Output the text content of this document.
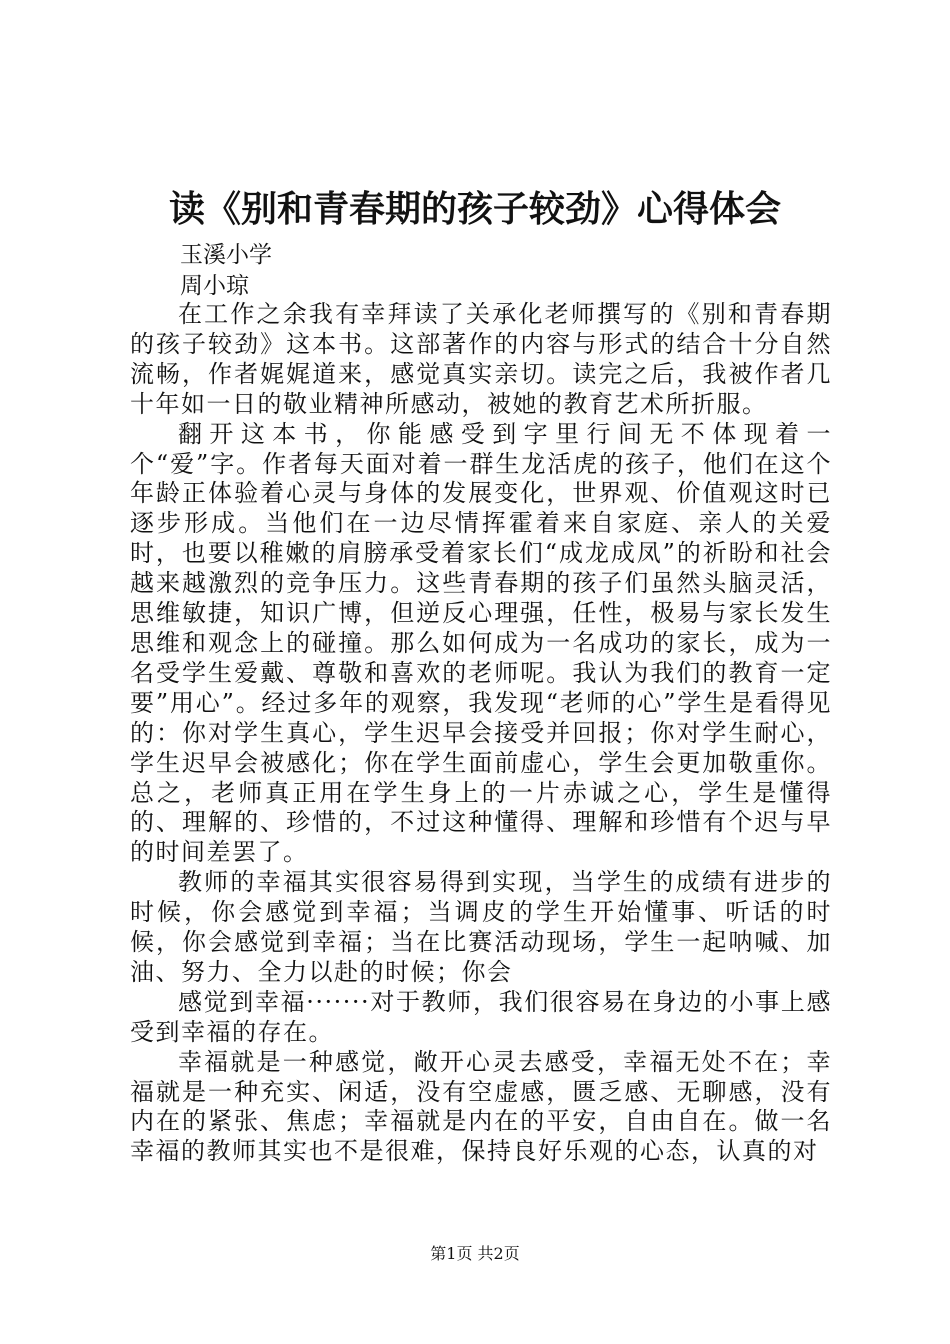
读《别和青春期的孩子较劲》心得体会
玉溪小学
周小琼

在工作之余我有幸拜读了关承化老师撰写的《别和青春期的孩子较劲》这本书。这部著作的内容与形式的结合十分自然流畅，作者娓娓道来，感觉真实亲切。读完之后，我被作者几十年如一日的敬业精神所感动，被她的教育艺术所折服。

翻开这本书，你能感受到字里行间无不体现着一个“爱”字。作者每天面对着一群生龙活虎的孩子，他们在这个年龄正体验着心灵与身体的发展变化，世界观、价值观这时已逐步形成。当他们在一边尽情挥霍着来自家庭、亲人的关爱时，也要以稚嫩的肩膀承受着家长们“成龙成凤”的祈盼和社会越来越激烈的竞争压力。这些青春期的孩子们虽然头脑灵活，思维敏捷，知识广博，但逆反心理强，任性，极易与家长发生思维和观念上的碰撞。那么如何成为一名成功的家长，成为一名受学生爱戴、尊敬和喜欢的老师呢。我认为我们的教育一定要”用心”。经过多年的观察，我发现“老师的心”学生是看得见的：你对学生真心，学生迟早会接受并回报；你对学生耐心，学生迟早会被感化；你在学生面前虚心，学生会更加敬重你。总之，老师真正用在学生身上的一片赤诚之心，学生是懂得的、理解的、珍惜的，不过这种懂得、理解和珍惜有个迟与早的时间差罢了。

教师的幸福其实很容易得到实现，当学生的成绩有进步的时候，你会感觉到幸福；当调皮的学生开始懂事、听话的时候，你会感觉到幸福；当在比赛活动现场，学生一起呐喊、加油、努力、全力以赴的时候；你会

感觉到幸福·······对于教师，我们很容易在身边的小事上感受到幸福的存在。

幸福就是一种感觉，敞开心灵去感受，幸福无处不在；幸福就是一种充实、闲适，没有空虚感，匮乏感、无聊感，没有内在的紧张、焦虑；幸福就是内在的平安，自由自在。做一名幸福的教师其实也不是很难，保持良好乐观的心态，认真的对

第1页 共2页
